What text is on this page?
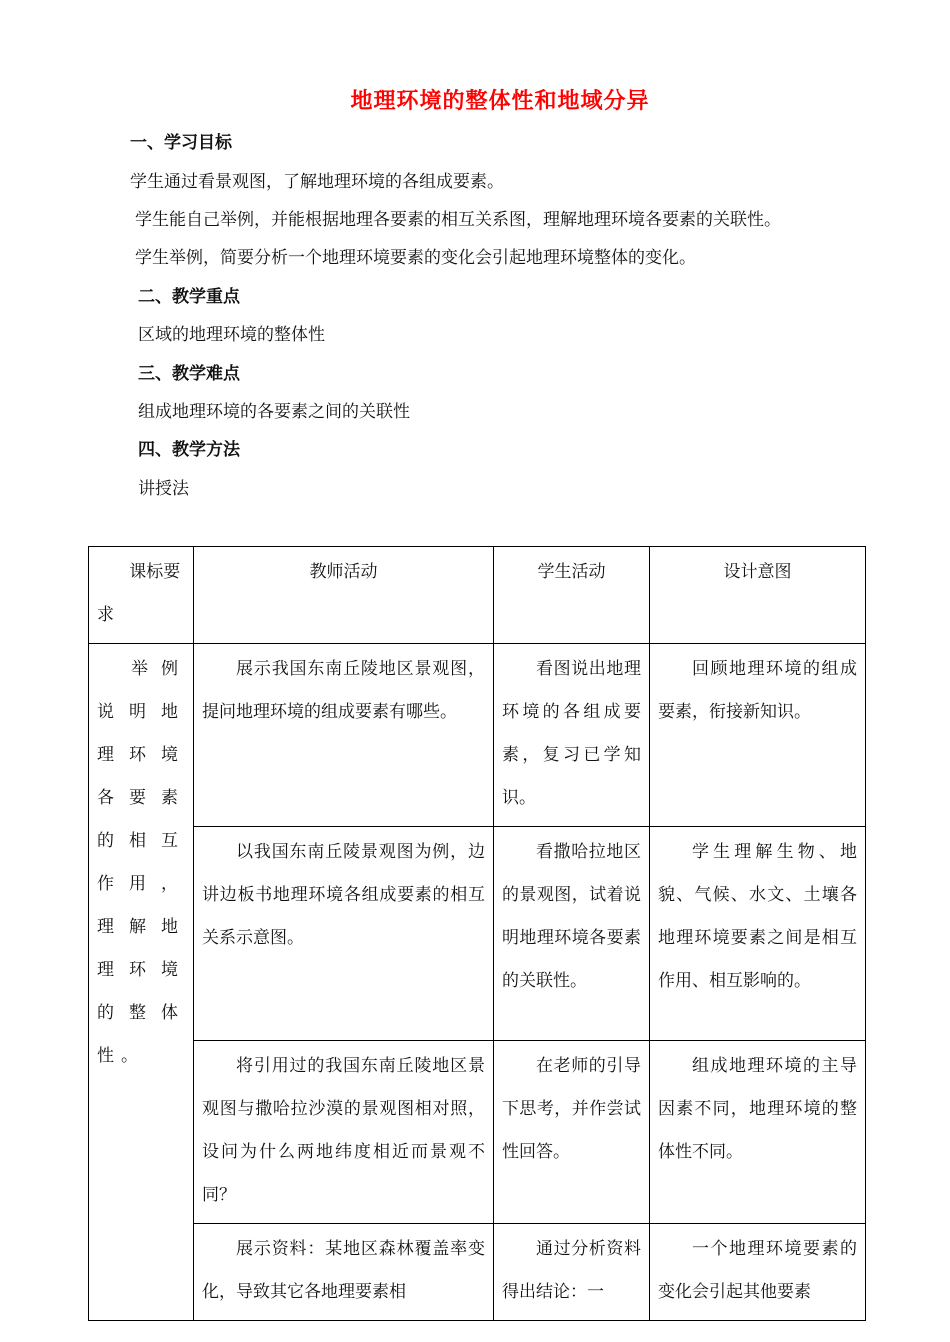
地理环境的整体性和地域分异
一、学习目标
学生通过看景观图，了解地理环境的各组成要素。
学生能自己举例，并能根据地理各要素的相互关系图，理解地理环境各要素的关联性。
学生举例，简要分析一个地理环境要素的变化会引起地理环境整体的变化。
二、教学重点
区域的地理环境的整体性
三、教学难点
组成地理环境的各要素之间的关联性
四、教学方法
讲授法
课标要求	教师活动	学生活动	设计意图
举例说明地理环境各要素的相互作用，理解地理环境的整体性。	展示我国东南丘陵地区景观图，提问地理环境的组成要素有哪些。	看图说出地理环境的各组成要素，复习已学知识。	回顾地理环境的组成要素，衔接新知识。
	以我国东南丘陵景观图为例，边讲边板书地理环境各组成要素的相互关系示意图。	看撒哈拉地区的景观图，试着说明地理环境各要素的关联性。	学生理解生物、地貌、气候、水文、土壤各地理环境要素之间是相互作用、相互影响的。
	将引用过的我国东南丘陵地区景观图与撒哈拉沙漠的景观图相对照，设问为什么两地纬度相近而景观不同？	在老师的引导下思考，并作尝试性回答。	组成地理环境的主导因素不同，地理环境的整体性不同。
	展示资料：某地区森林覆盖率变化，导致其它各地理要素相	通过分析资料得出结论：一	一个地理环境要素的变化会引起其他要素
